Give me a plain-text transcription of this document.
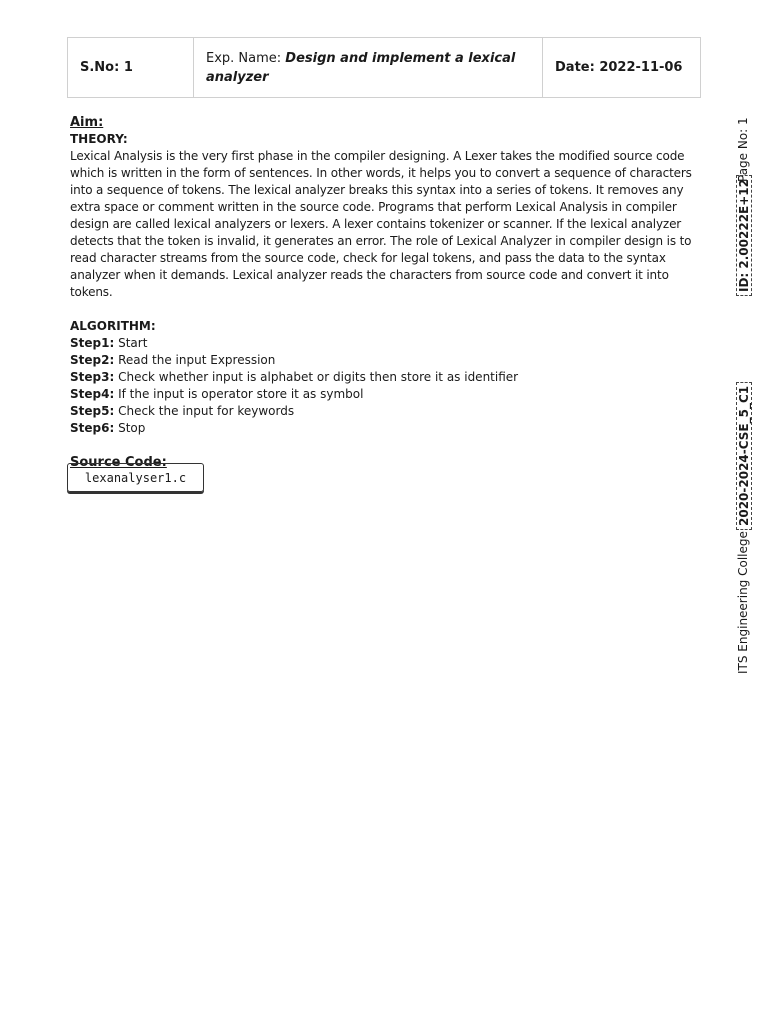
S.No: 1
Exp. Name: Design and implement a lexical analyzer
Date: 2022-11-06
Aim:
THEORY:

Lexical Analysis is the very first phase in the compiler designing. A Lexer takes the modified source code which is written in the form of sentences. In other words, it helps you to convert a sequence of characters into a sequence of tokens. The lexical analyzer breaks this syntax into a series of tokens. It removes any extra space or comment written in the source code. Programs that perform Lexical Analysis in compiler design are called lexical analyzers or lexers. A lexer contains tokenizer or scanner. If the lexical analyzer detects that the token is invalid, it generates an error. The role of Lexical Analyzer in compiler design is to read character streams from the source code, check for legal tokens, and pass the data to the syntax analyzer when it demands. Lexical analyzer reads the characters from source code and convert it into tokens.

ALGORITHM:
Step1: Start
Step2: Read the input Expression
Step3: Check whether input is alphabet or digits then store it as identifier
Step4: If the input is operator store it as symbol
Step5: Check the input for keywords
Step6: Stop
Source Code:
lexanalyser1.c
Page No: 1
ID: 2.00222E+12
2020-2024-CSE_5_C1
ITS Engineering College
